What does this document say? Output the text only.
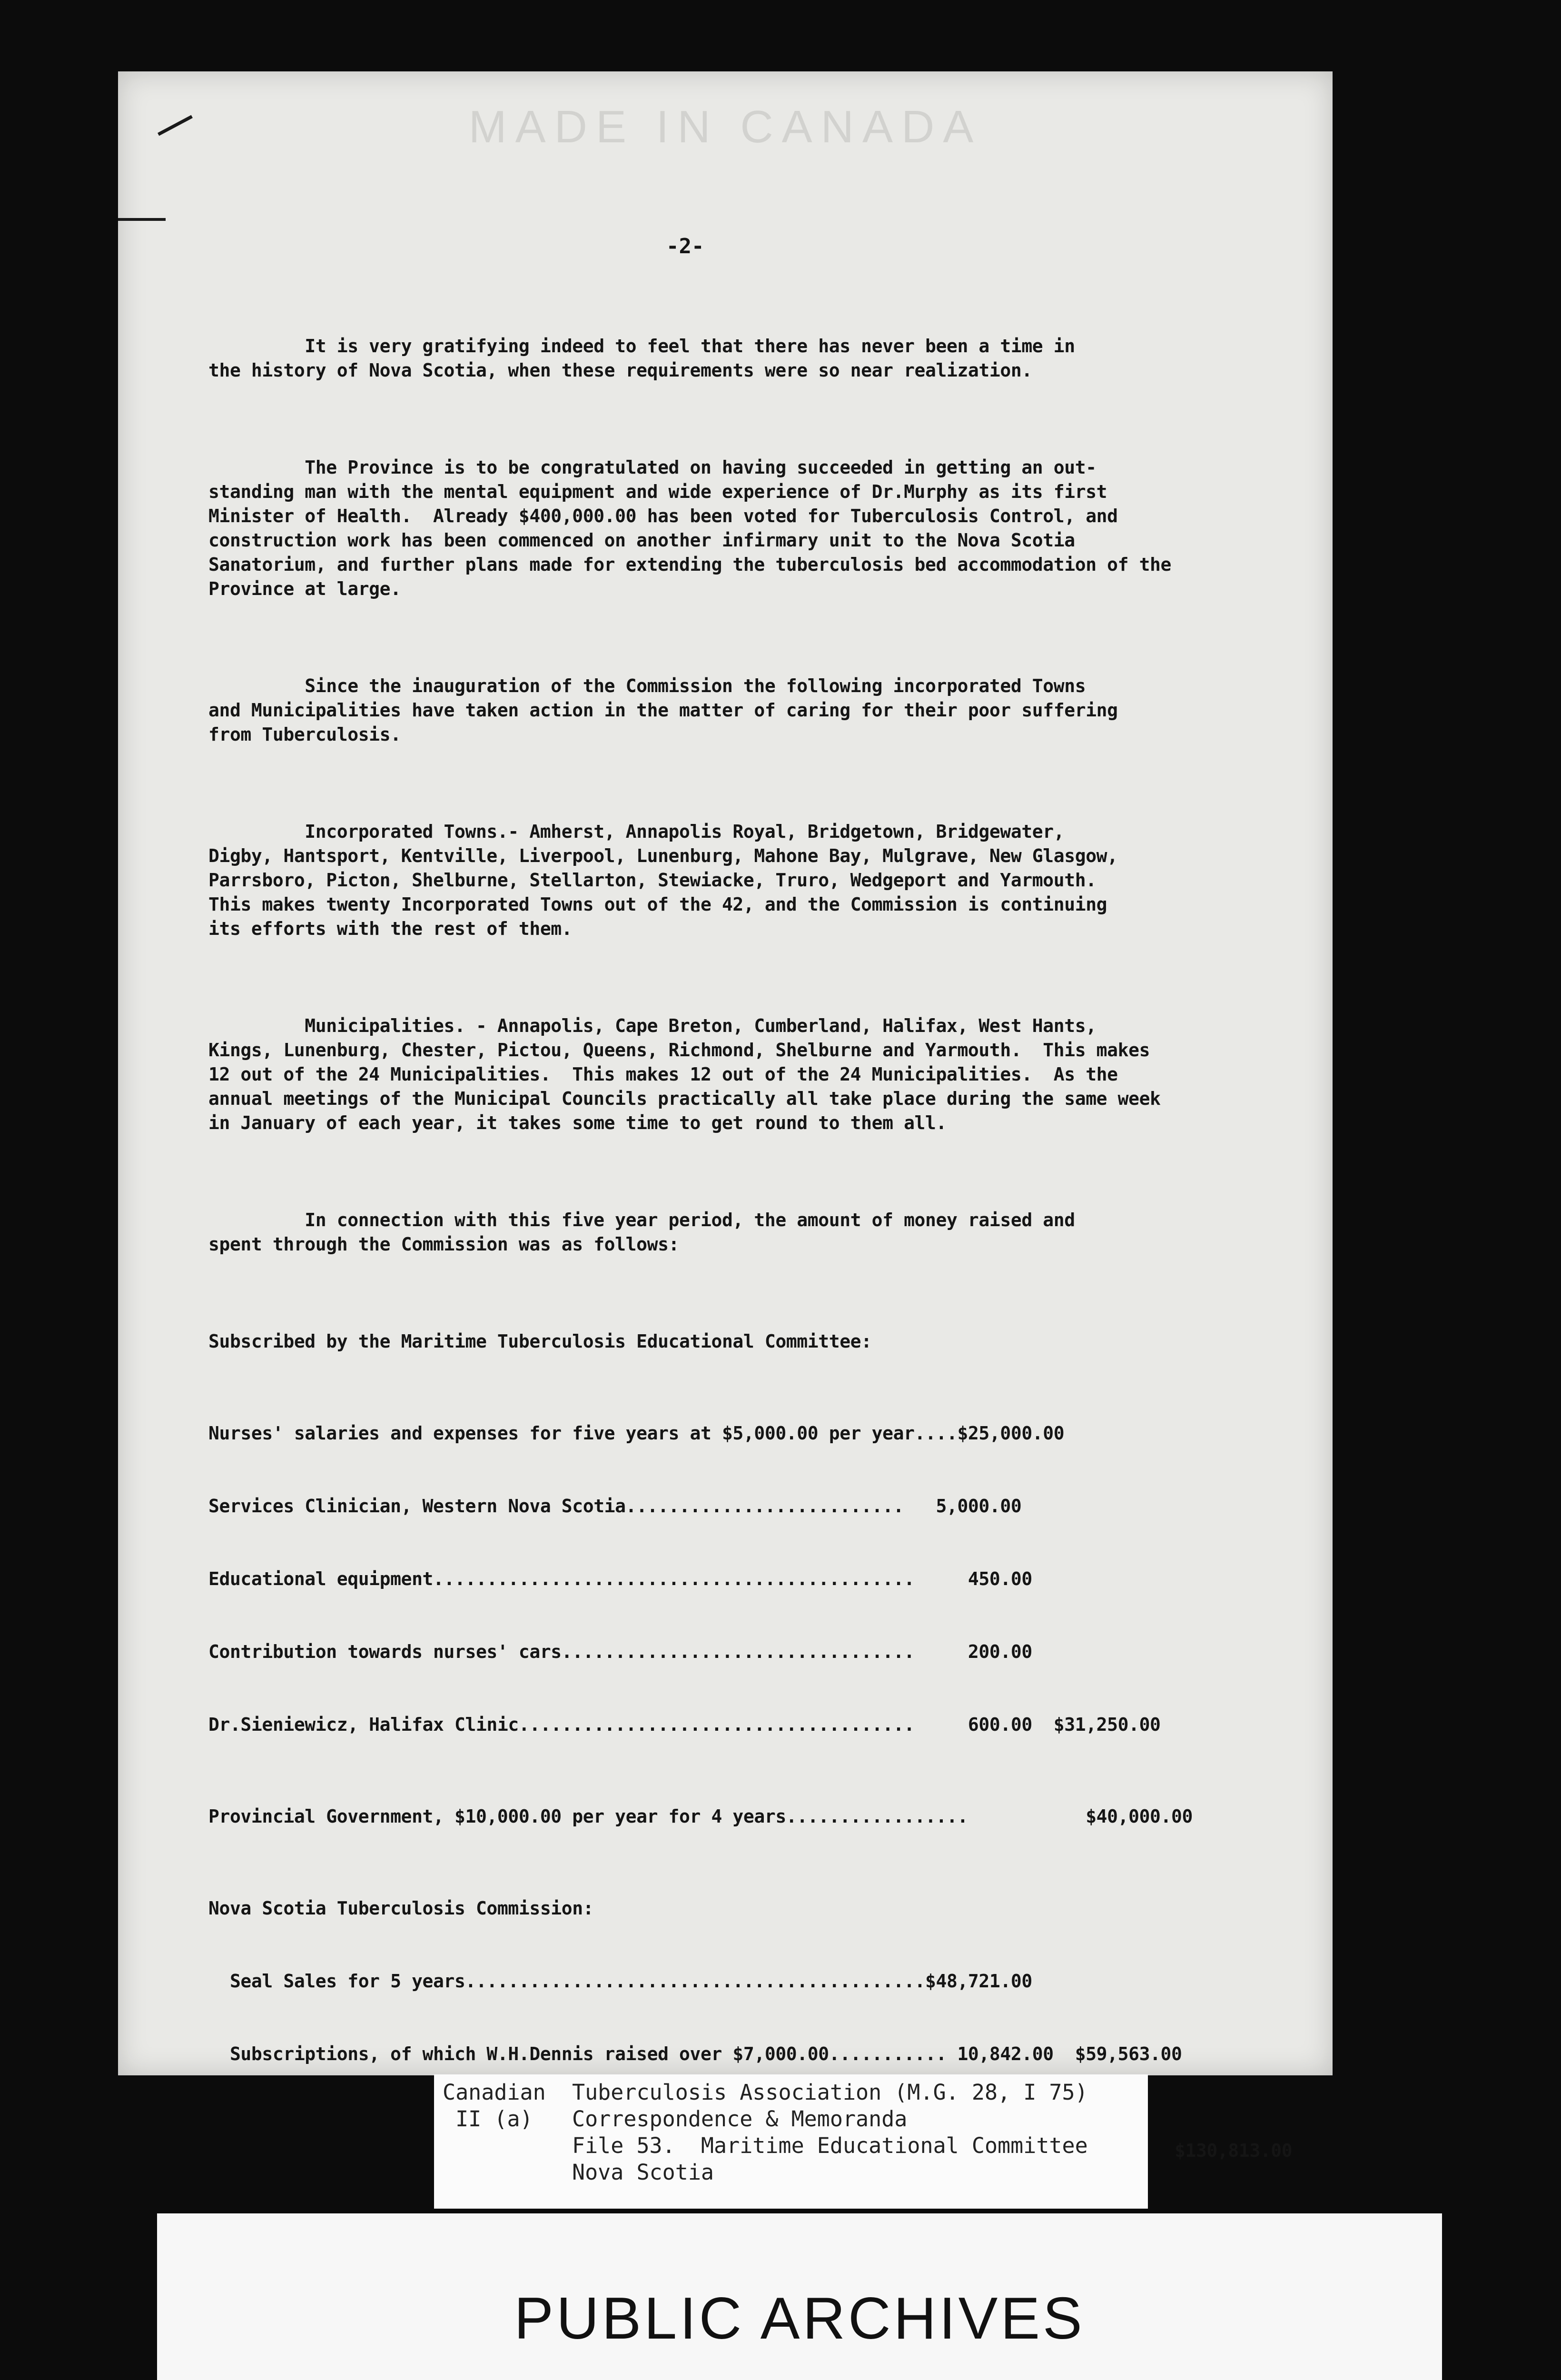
MADE IN CANADA
-2-

It is very gratifying indeed to feel that there has never been a time in
the history of Nova Scotia, when these requirements were so near realization.

The Province is to be congratulated on having succeeded in getting an out-
standing man with the mental equipment and wide experience of Dr.Murphy as its first
Minister of Health.  Already $400,000.00 has been voted for Tuberculosis Control, and
construction work has been commenced on another infirmary unit to the Nova Scotia
Sanatorium, and further plans made for extending the tuberculosis bed accommodation of the
Province at large.

Since the inauguration of the Commission the following incorporated Towns
and Municipalities have taken action in the matter of caring for their poor suffering
from Tuberculosis.

Incorporated Towns.- Amherst, Annapolis Royal, Bridgetown, Bridgewater,
Digby, Hantsport, Kentville, Liverpool, Lunenburg, Mahone Bay, Mulgrave, New Glasgow,
Parrsboro, Picton, Shelburne, Stellarton, Stewiacke, Truro, Wedgeport and Yarmouth.
This makes twenty Incorporated Towns out of the 42, and the Commission is continuing
its efforts with the rest of them.

Municipalities. - Annapolis, Cape Breton, Cumberland, Halifax, West Hants,
Kings, Lunenburg, Chester, Pictou, Queens, Richmond, Shelburne and Yarmouth.  This makes
12 out of the 24 Municipalities.  This makes 12 out of the 24 Municipalities.  As the
annual meetings of the Municipal Councils practically all take place during the same week
in January of each year, it takes some time to get round to them all.

In connection with this five year period, the amount of money raised and
spent through the Commission was as follows:

Subscribed by the Maritime Tuberculosis Educational Committee:

Nurses' salaries and expenses for five years at $5,000.00 per year....$25,000.00

Services Clinician, Western Nova Scotia..........................   5,000.00

Educational equipment.............................................     450.00

Contribution towards nurses' cars.................................     200.00

Dr.Sieniewicz, Halifax Clinic.....................................     600.00  $31,250.00

Provincial Government, $10,000.00 per year for 4 years.................           $40,000.00

Nova Scotia Tuberculosis Commission:

Seal Sales for 5 years...........................................$48,721.00

Subscriptions, of which W.H.Dennis raised over $7,000.00........... 10,842.00  $59,563.00

$130,813.00

Canadian
II (a)
Tuberculosis Association (M.G. 28, I 75)
Correspondence & Memoranda
File 53.  Maritime Educational Committee
Nova Scotia
PUBLIC ARCHIVES
